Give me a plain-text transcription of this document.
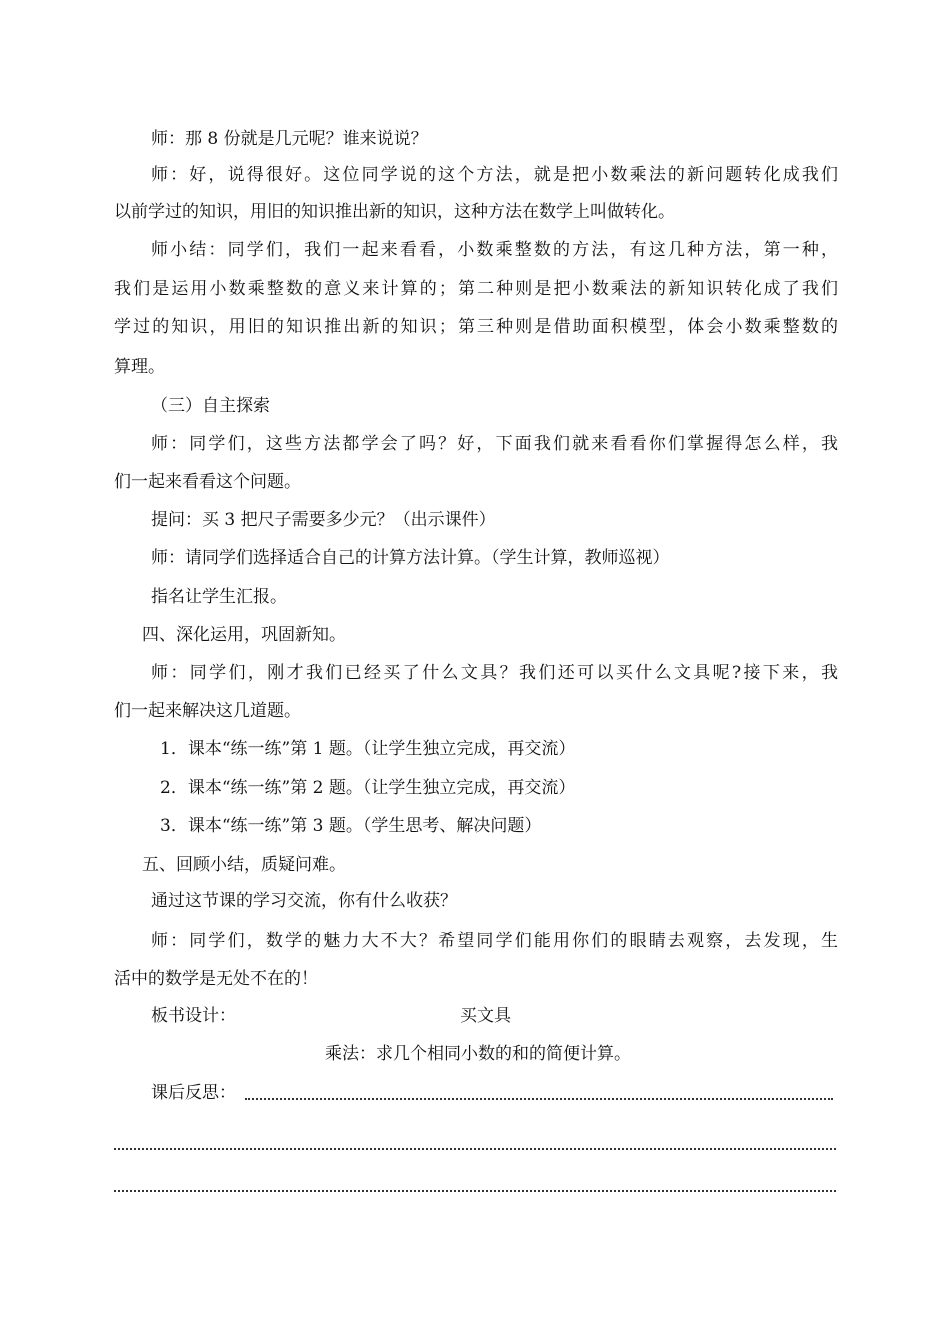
师：那 8 份就是几元呢？谁来说说？
师：好，说得很好。这位同学说的这个方法，就是把小数乘法的新问题转化成我们
以前学过的知识，用旧的知识推出新的知识，这种方法在数学上叫做转化。
师小结：同学们，我们一起来看看，小数乘整数的方法，有这几种方法，第一种，
我们是运用小数乘整数的意义来计算的；第二种则是把小数乘法的新知识转化成了我们
学过的知识，用旧的知识推出新的知识；第三种则是借助面积模型，体会小数乘整数的
算理。
（三）自主探索
师：同学们，这些方法都学会了吗？好，下面我们就来看看你们掌握得怎么样，我
们一起来看看这个问题。
提问：买 3 把尺子需要多少元？（出示课件）
师：请同学们选择适合自己的计算方法计算。（学生计算，教师巡视）
指名让学生汇报。
四、深化运用，巩固新知。
师：同学们，刚才我们已经买了什么文具？我们还可以买什么文具呢?接下来，我
们一起来解决这几道题。
1．课本“练一练”第 1 题。（让学生独立完成，再交流）
2．课本“练一练”第 2 题。（让学生独立完成，再交流）
3．课本“练一练”第 3 题。（学生思考、解决问题）
五、回顾小结，质疑问难。
通过这节课的学习交流，你有什么收获？
师：同学们，数学的魅力大不大？希望同学们能用你们的眼睛去观察，去发现，生
活中的数学是无处不在的！
板书设计：	买文具
乘法：求几个相同小数的和的简便计算。
课后反思：
